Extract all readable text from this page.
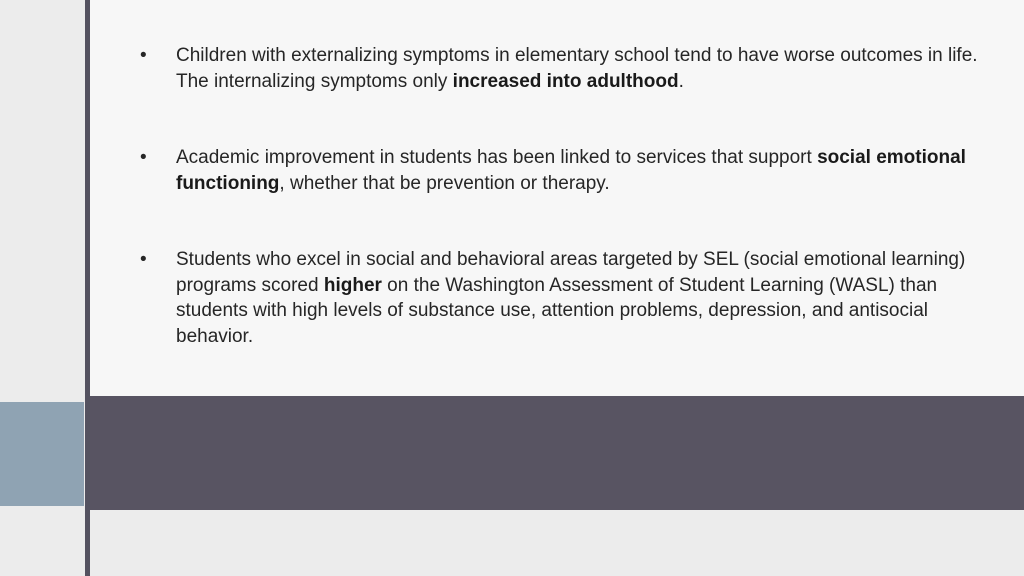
• Children with externalizing symptoms in elementary school tend to have worse outcomes in life. The internalizing symptoms only increased into adulthood.
• Academic improvement in students has been linked to services that support social emotional functioning, whether that be prevention or therapy.
• Students who excel in social and behavioral areas targeted by SEL (social emotional learning) programs scored higher on the Washington Assessment of Student Learning (WASL) than students with high levels of substance use, attention problems, depression, and antisocial behavior.
